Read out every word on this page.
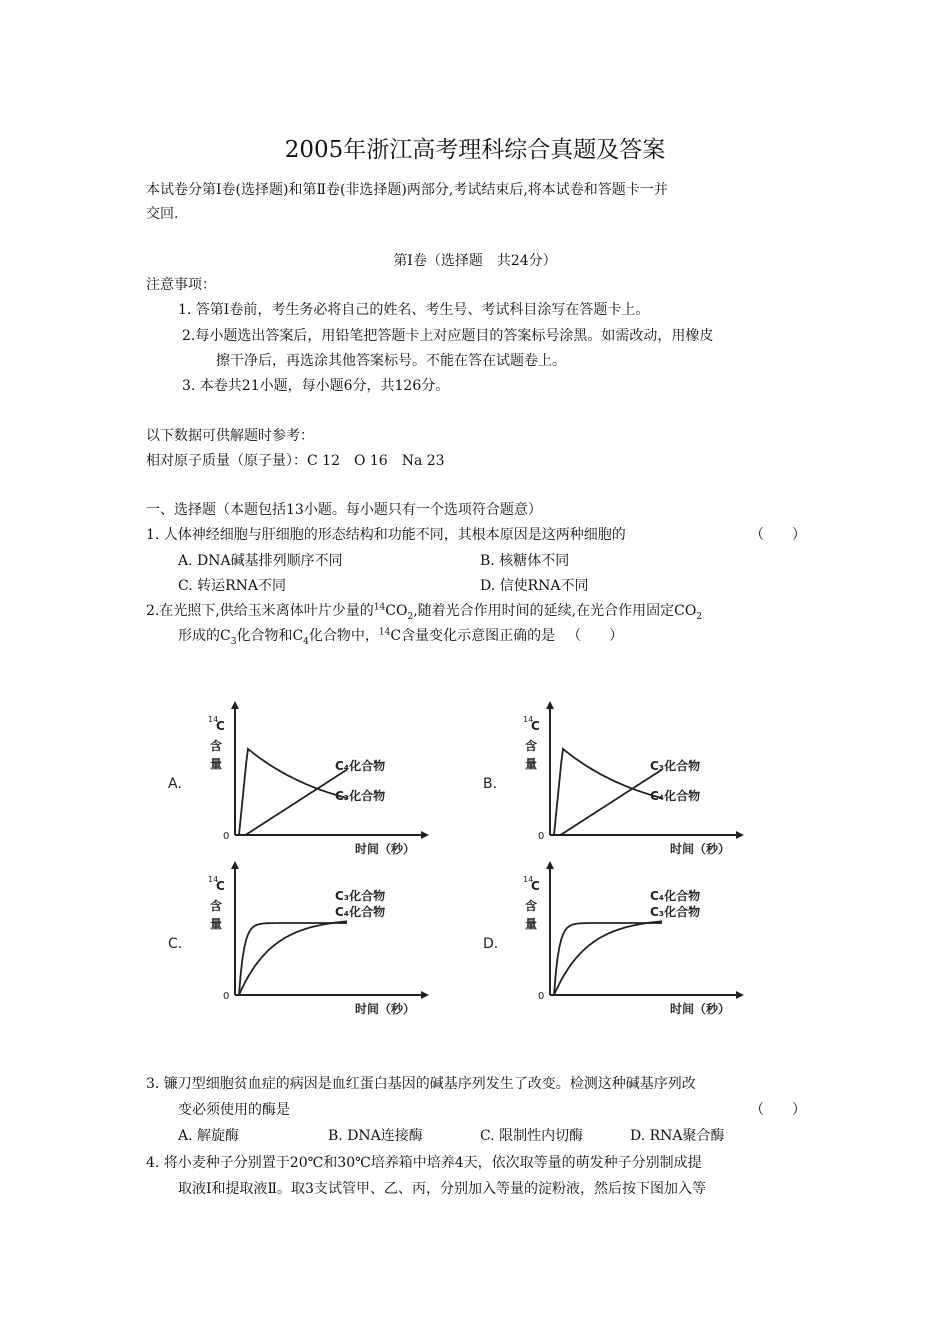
2005年浙江高考理科综合真题及答案
本试卷分第Ⅰ卷(选择题)和第Ⅱ卷(非选择题)两部分,考试结束后,将本试卷和答题卡一并
交回.
第Ⅰ卷（选择题　共24分）
注意事项：
1. 答第Ⅰ卷前，考生务必将自己的姓名、考生号、考试科目涂写在答题卡上。
2.每小题选出答案后，用铅笔把答题卡上对应题目的答案标号涂黑。如需改动，用橡皮
擦干净后，再选涂其他答案标号。不能在答在试题卷上。
3. 本卷共21小题，每小题6分，共126分。
以下数据可供解题时参考：
相对原子质量（原子量）：C 12　O 16　Na 23
一、选择题（本题包括13小题。每小题只有一个选项符合题意）
1. 人体神经细胞与肝细胞的形态结构和功能不同，其根本原因是这两种细胞的	（　　）
A. DNA碱基排列顺序不同	B. 核糖体不同
C. 转运RNA不同	D. 信使RNA不同
2.在光照下,供给玉米离体叶片少量的$^{14}CO_2$,随着光合作用时间的延续,在光合作用固定$CO_2$
形成的$C_3$化合物和$C_4$化合物中，$^{14}$C含量变化示意图正确的是 （　　）
A.
14
C
含
量
0
时间（秒）
C₄化合物
C₃化合物
B.
14
C
含
量
0
时间（秒）
C₃化合物
C₄化合物
C.
14
C
含
量
0
时间（秒）
C₃化合物
C₄化合物
D.
14
C
含
量
0
时间（秒）
C₄化合物
C₃化合物
3. 镰刀型细胞贫血症的病因是血红蛋白基因的碱基序列发生了改变。检测这种碱基序列改
变必须使用的酶是	（　　）
A. 解旋酶	B. DNA连接酶	C. 限制性内切酶	D. RNA聚合酶
4. 将小麦种子分别置于20℃和30℃培养箱中培养4天，依次取等量的萌发种子分别制成提
取液Ⅰ和提取液Ⅱ。取3支试管甲、乙、丙，分别加入等量的淀粉液，然后按下图加入等
